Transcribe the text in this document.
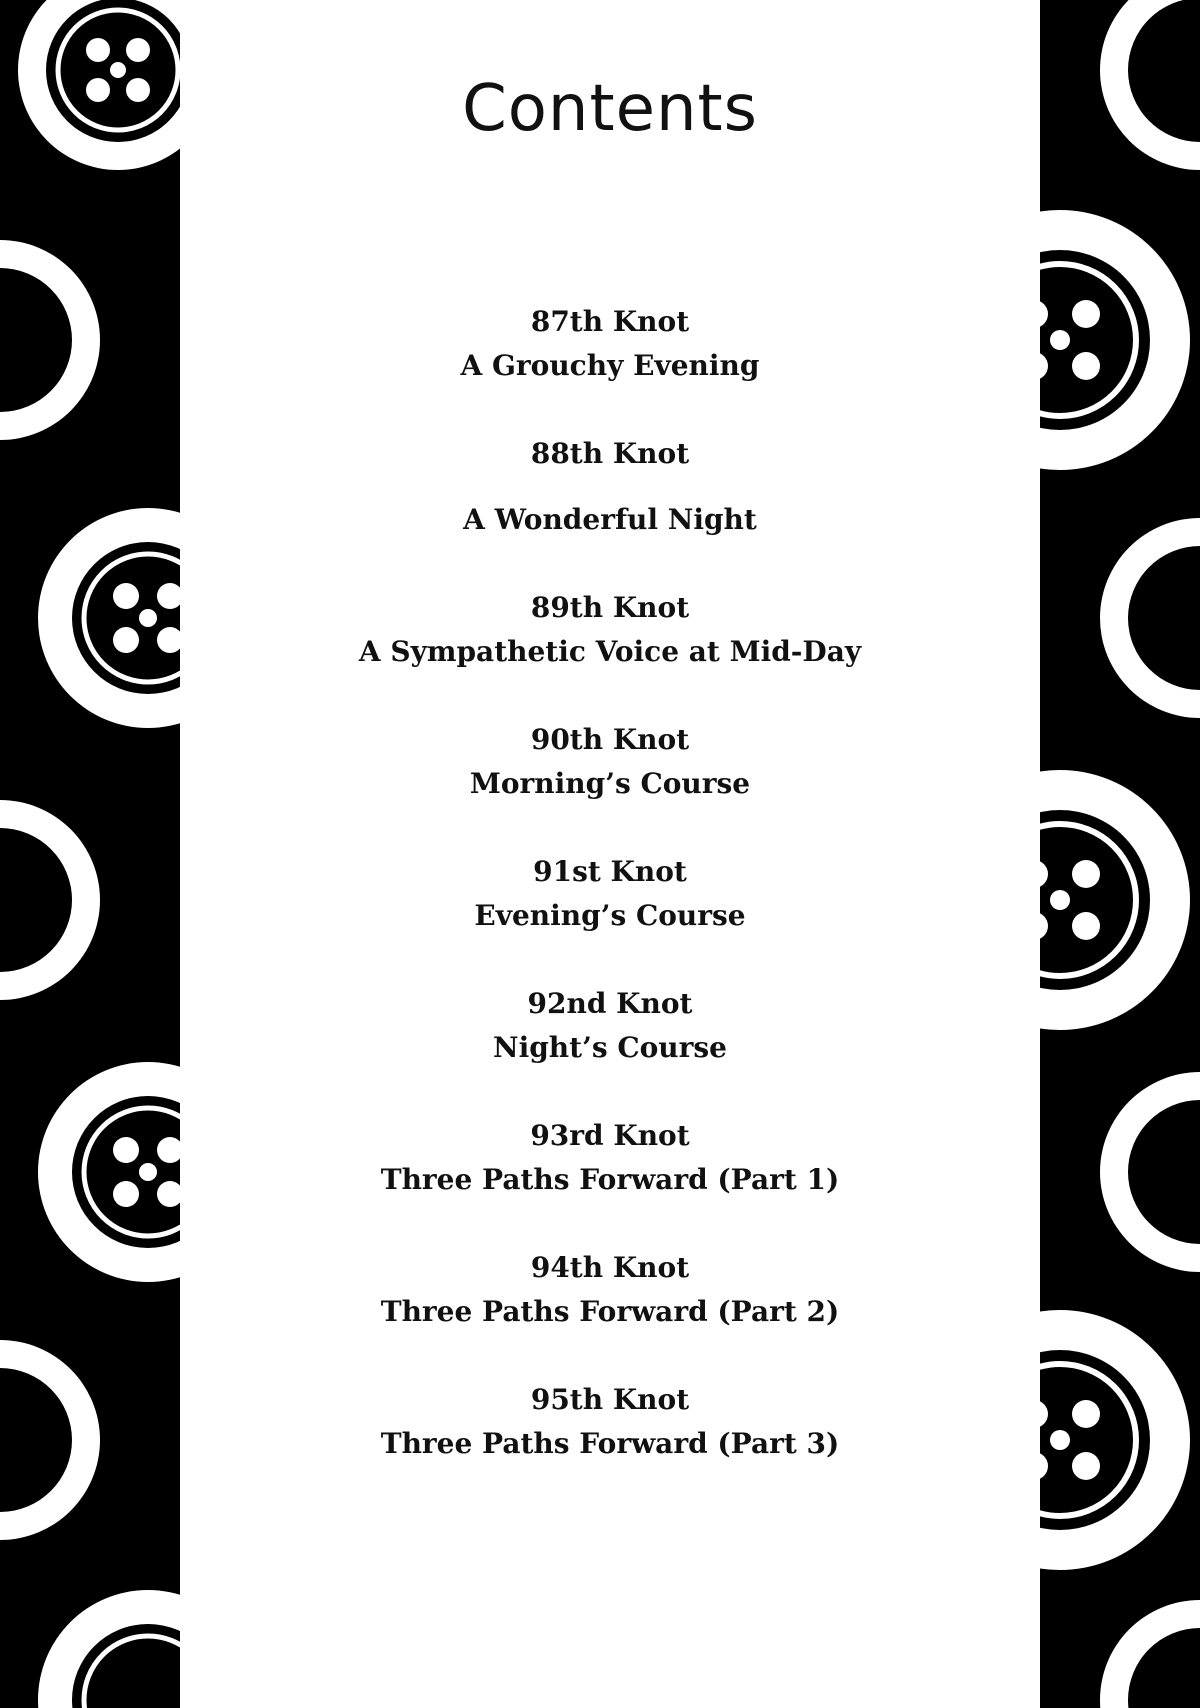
Contents
87th Knot
A Grouchy Evening
88th Knot
A Wonderful Night
89th Knot
A Sympathetic Voice at Mid-Day
90th Knot
Morning’s Course
91st Knot
Evening’s Course
92nd Knot
Night’s Course
93rd Knot
Three Paths Forward (Part 1)
94th Knot
Three Paths Forward (Part 2)
95th Knot
Three Paths Forward (Part 3)
